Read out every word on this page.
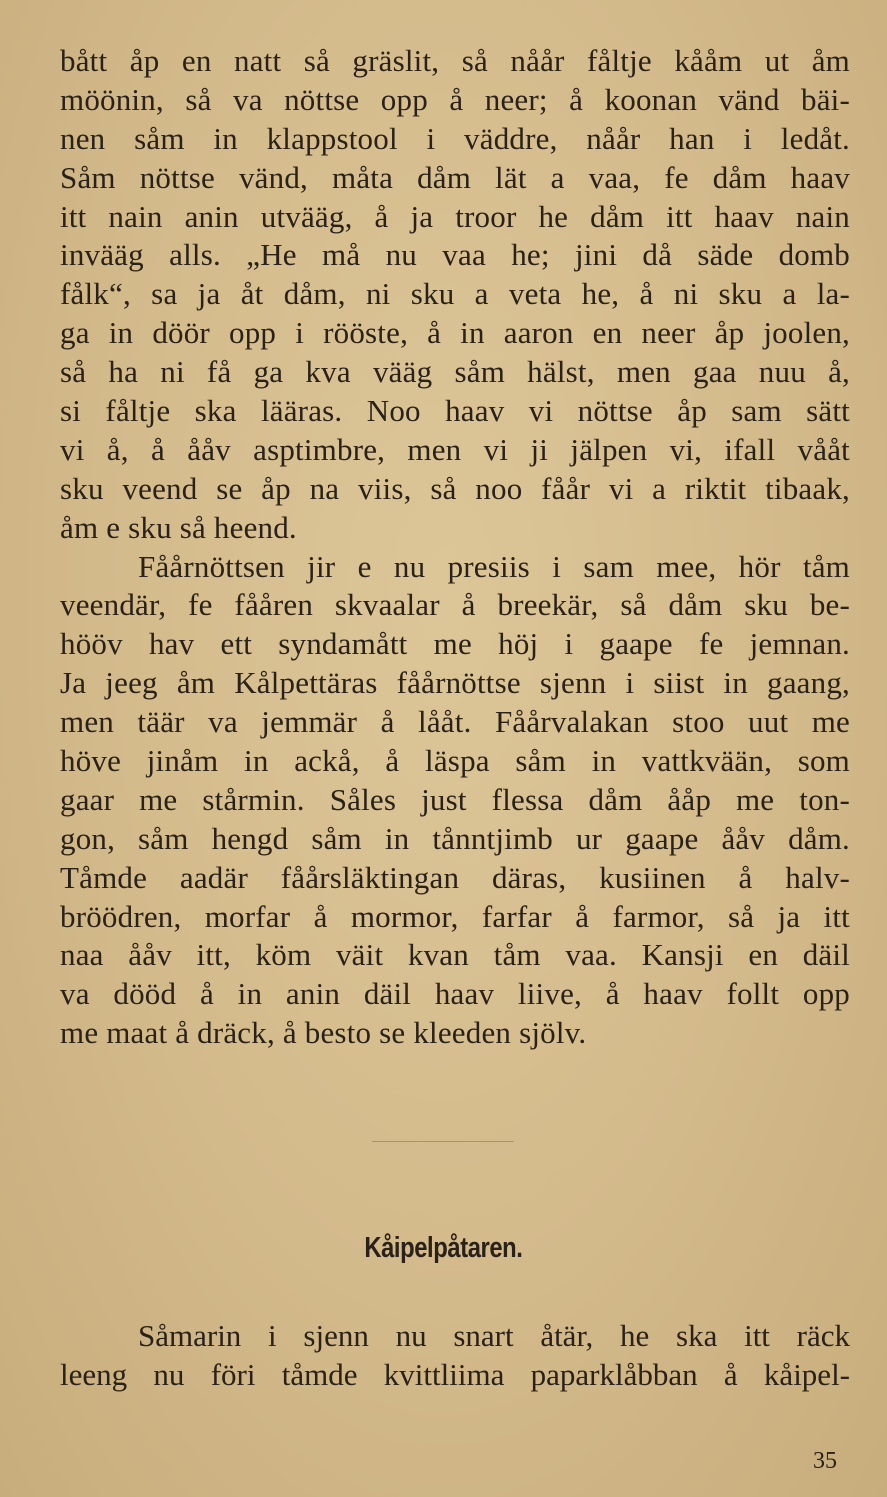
bått åp en natt så gräslit, så nåår fåltje kååm ut åm
möönin, så va nöttse opp å neer; å koonan vänd bäi-
nen såm in klappstool i väddre, nåår han i ledåt.
Såm nöttse vänd, måta dåm lät a vaa, fe dåm haav
itt nain anin utvääg, å ja troor he dåm itt haav nain
invääg alls. „He må nu vaa he; jini då säde domb
fålk“, sa ja åt dåm, ni sku a veta he, å ni sku a la-
ga in döör opp i rööste, å in aaron en neer åp joolen,
så ha ni få ga kva vääg såm hälst, men gaa nuu å,
si fåltje ska lääras. Noo haav vi nöttse åp sam sätt
vi å, å ååv asptimbre, men vi ji jälpen vi, ifall vååt
sku veend se åp na viis, så noo fåår vi a riktit tibaak,
åm e sku så heend.
Fåårnöttsen jir e nu presiis i sam mee, hör tåm
veendär, fe fååren skvaalar å breekär, så dåm sku be-
hööv hav ett syndamått me höj i gaape fe jemnan.
Ja jeeg åm Kålpettäras fåårnöttse sjenn i siist in gaang,
men täär va jemmär å lååt. Fåårvalakan stoo uut me
höve jinåm in ackå, å läspa såm in vattkvään, som
gaar me stårmin. Såles just flessa dåm ååp me ton-
gon, såm hengd såm in tånntjimb ur gaape ååv dåm.
Tåmde aadär fåårsläktingan däras, kusiinen å halv-
bröödren, morfar å mormor, farfar å farmor, så ja itt
naa ååv itt, köm väit kvan tåm vaa. Kansji en däil
va dööd å in anin däil haav liive, å haav follt opp
me maat å dräck, å besto se kleeden sjölv.
Kåipelpåtaren.
Såmarin i sjenn nu snart åtär, he ska itt räck
leeng nu föri tåmde kvittliima paparklåbban å kåipel-
35
